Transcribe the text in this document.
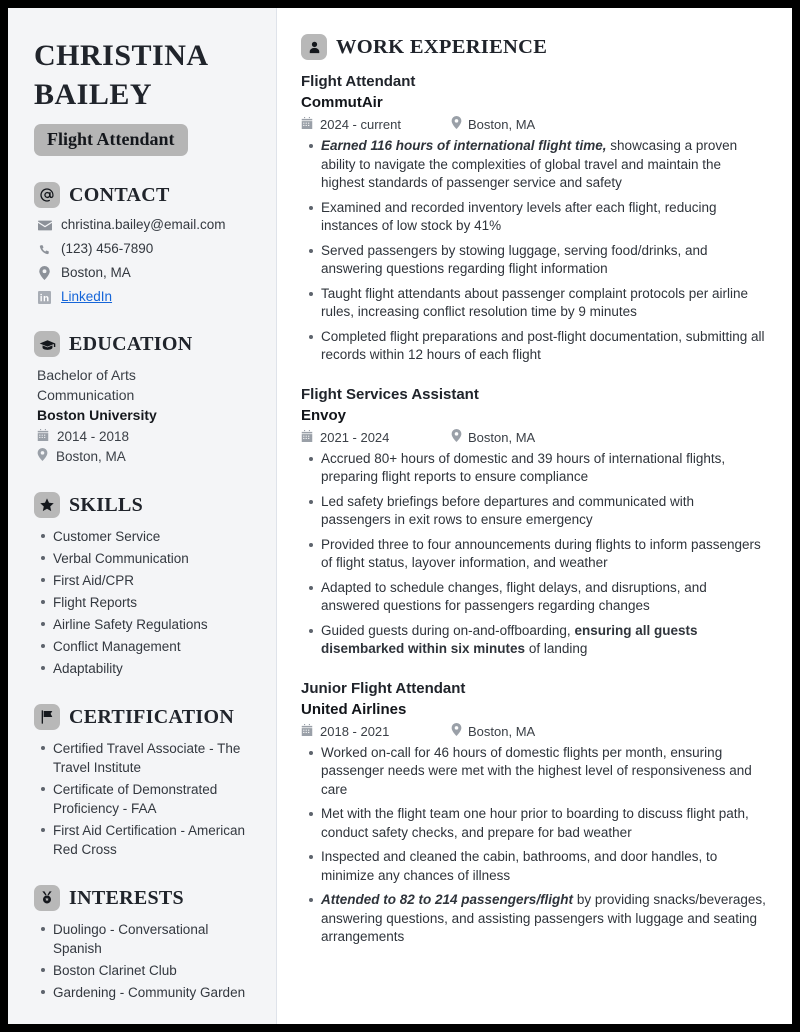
CHRISTINA
BAILEY
Flight Attendant
CONTACT
christina.bailey@email.com
(123) 456-7890
Boston, MA
LinkedIn
EDUCATION
Bachelor of Arts
Communication
Boston University
2014 - 2018
Boston, MA
SKILLS
Customer Service
Verbal Communication
First Aid/CPR
Flight Reports
Airline Safety Regulations
Conflict Management
Adaptability
CERTIFICATION
Certified Travel Associate - The Travel Institute
Certificate of Demonstrated Proficiency - FAA
First Aid Certification - American Red Cross
INTERESTS
Duolingo - Conversational Spanish
Boston Clarinet Club
Gardening - Community Garden
WORK EXPERIENCE
Flight Attendant
CommutAir
2024 - current	Boston, MA
Earned 116 hours of international flight time, showcasing a proven ability to navigate the complexities of global travel and maintain the highest standards of passenger service and safety
Examined and recorded inventory levels after each flight, reducing instances of low stock by 41%
Served passengers by stowing luggage, serving food/drinks, and answering questions regarding flight information
Taught flight attendants about passenger complaint protocols per airline rules, increasing conflict resolution time by 9 minutes
Completed flight preparations and post-flight documentation, submitting all records within 12 hours of each flight
Flight Services Assistant
Envoy
2021 - 2024	Boston, MA
Accrued 80+ hours of domestic and 39 hours of international flights, preparing flight reports to ensure compliance
Led safety briefings before departures and communicated with passengers in exit rows to ensure emergency
Provided three to four announcements during flights to inform passengers of flight status, layover information, and weather
Adapted to schedule changes, flight delays, and disruptions, and answered questions for passengers regarding changes
Guided guests during on-and-offboarding, ensuring all guests disembarked within six minutes of landing
Junior Flight Attendant
United Airlines
2018 - 2021	Boston, MA
Worked on-call for 46 hours of domestic flights per month, ensuring passenger needs were met with the highest level of responsiveness and care
Met with the flight team one hour prior to boarding to discuss flight path, conduct safety checks, and prepare for bad weather
Inspected and cleaned the cabin, bathrooms, and door handles, to minimize any chances of illness
Attended to 82 to 214 passengers/flight by providing snacks/beverages, answering questions, and assisting passengers with luggage and seating arrangements
